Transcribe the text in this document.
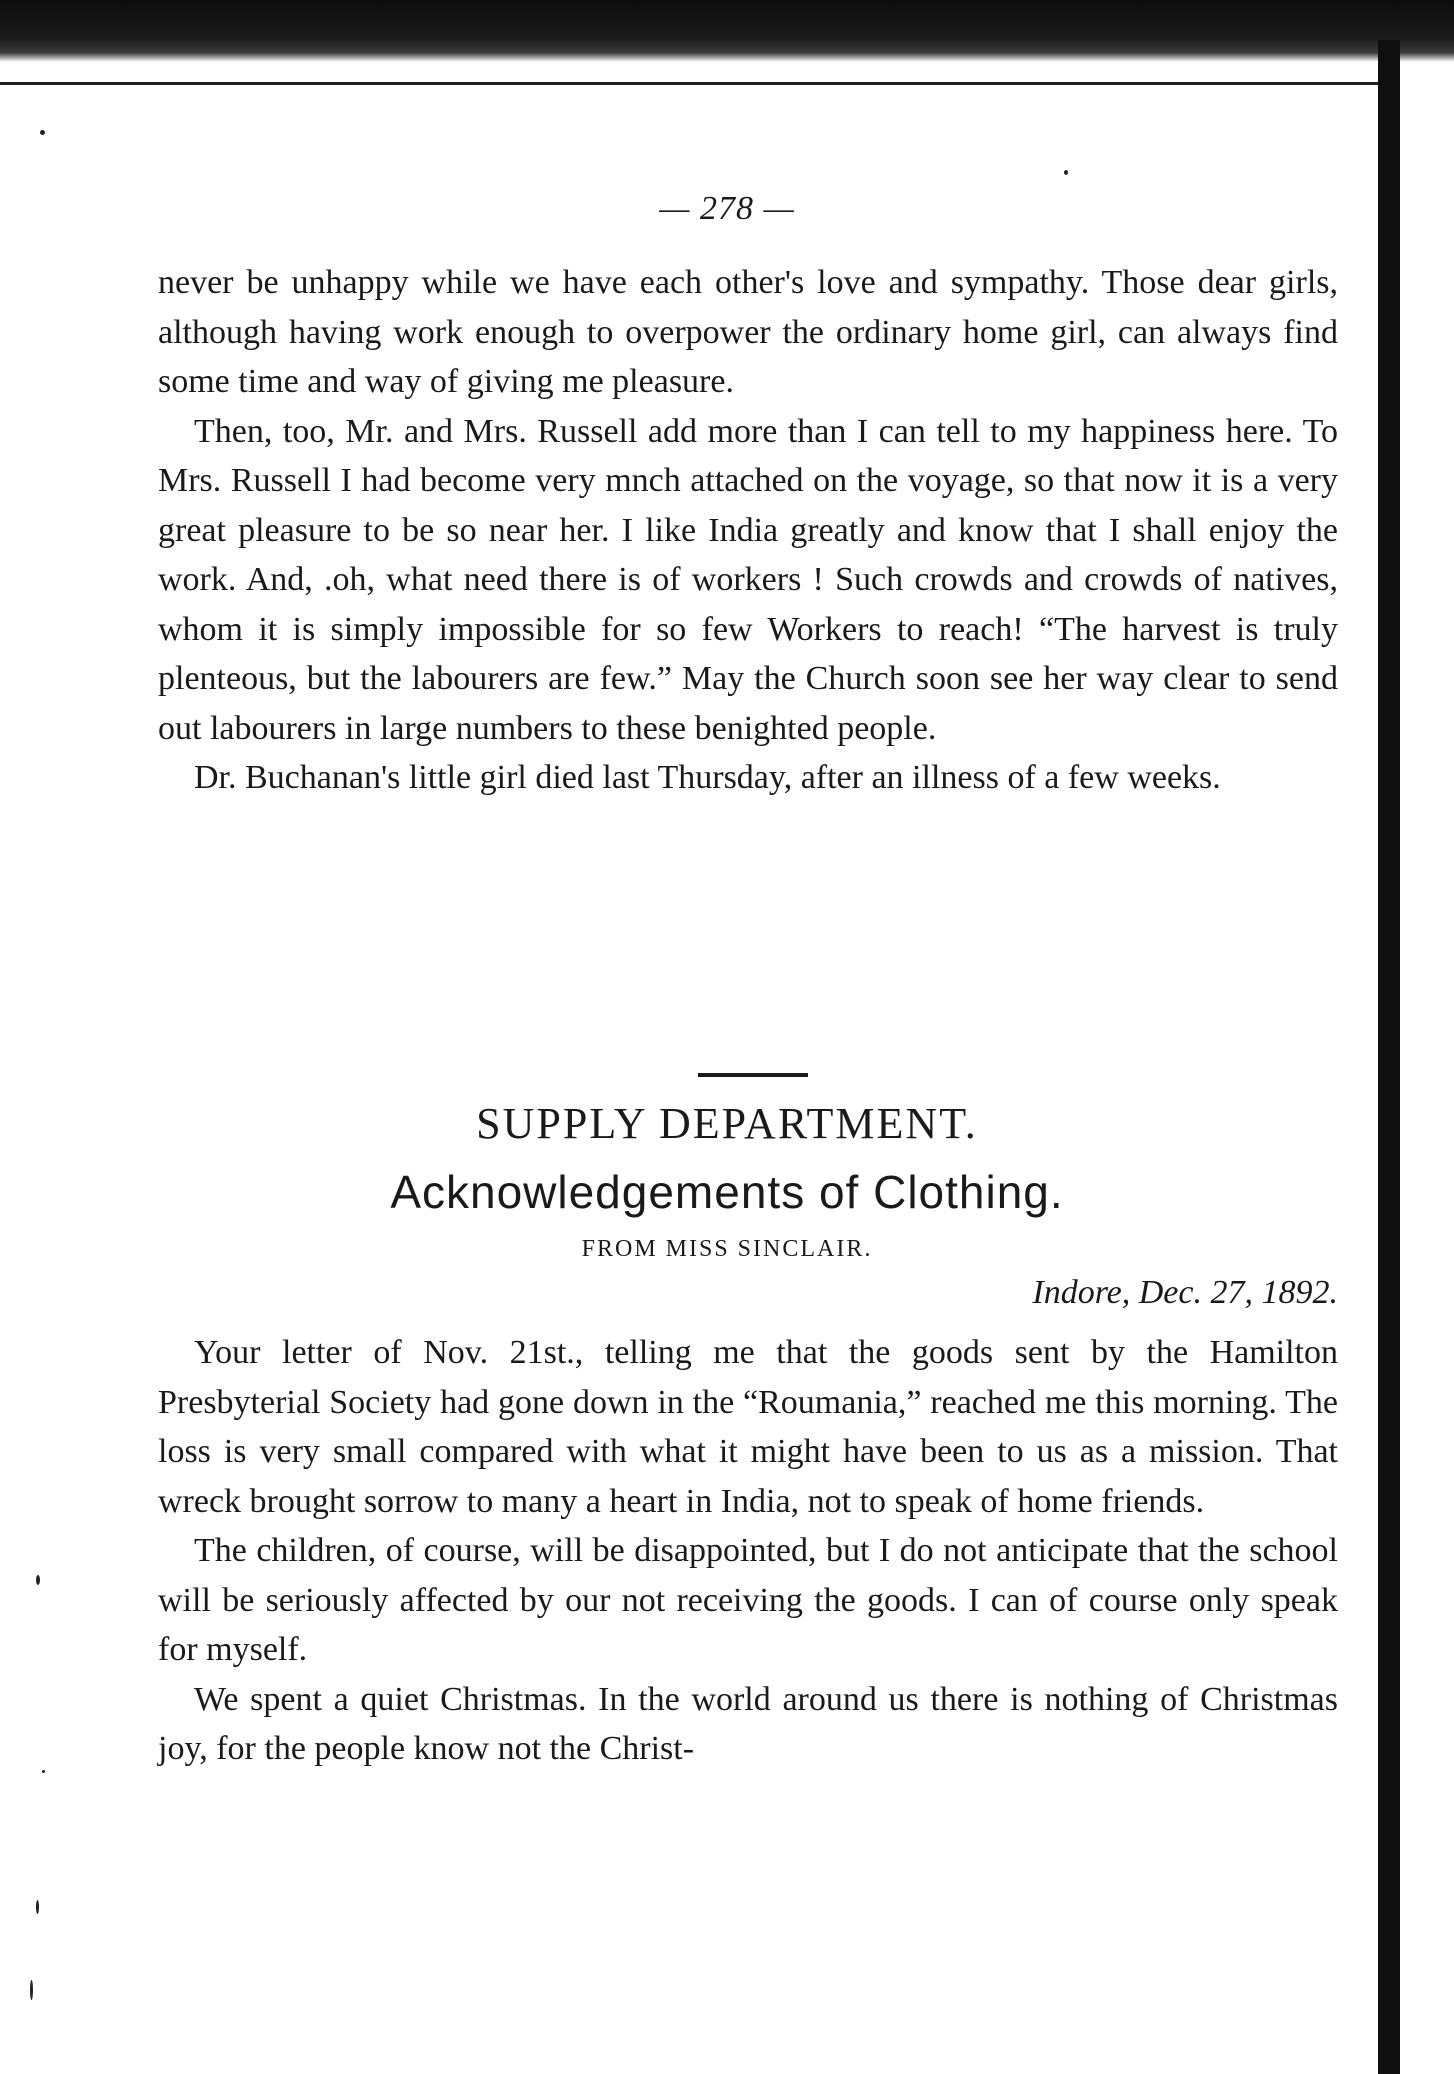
— 278 —

never be unhappy while we have each other's love and sympathy. Those dear girls, although having work enough to overpower the ordinary home girl, can always find some time and way of giving me pleasure.

Then, too, Mr. and Mrs. Russell add more than I can tell to my happiness here. To Mrs. Russell I had become very mnch attached on the voyage, so that now it is a very great pleasure to be so near her. I like India greatly and know that I shall enjoy the work. And, .oh, what need there is of workers ! Such crowds and crowds of natives, whom it is simply impossible for so few Workers to reach! “The harvest is truly plenteous, but the labourers are few.” May the Church soon see her way clear to send out labourers in large numbers to these benighted people.

Dr. Buchanan's little girl died last Thursday, after an illness of a few weeks.

SUPPLY DEPARTMENT.
Acknowledgements of Clothing.
FROM MISS SINCLAIR.
Indore, Dec. 27, 1892.

Your letter of Nov. 21st., telling me that the goods sent by the Hamilton Presbyterial Society had gone down in the “Roumania,” reached me this morning. The loss is very small compared with what it might have been to us as a mission. That wreck brought sorrow to many a heart in India, not to speak of home friends.

The children, of course, will be disappointed, but I do not anticipate that the school will be seriously affected by our not receiving the goods. I can of course only speak for myself.

We spent a quiet Christmas. In the world around us there is nothing of Christmas joy, for the people know not the Christ-
